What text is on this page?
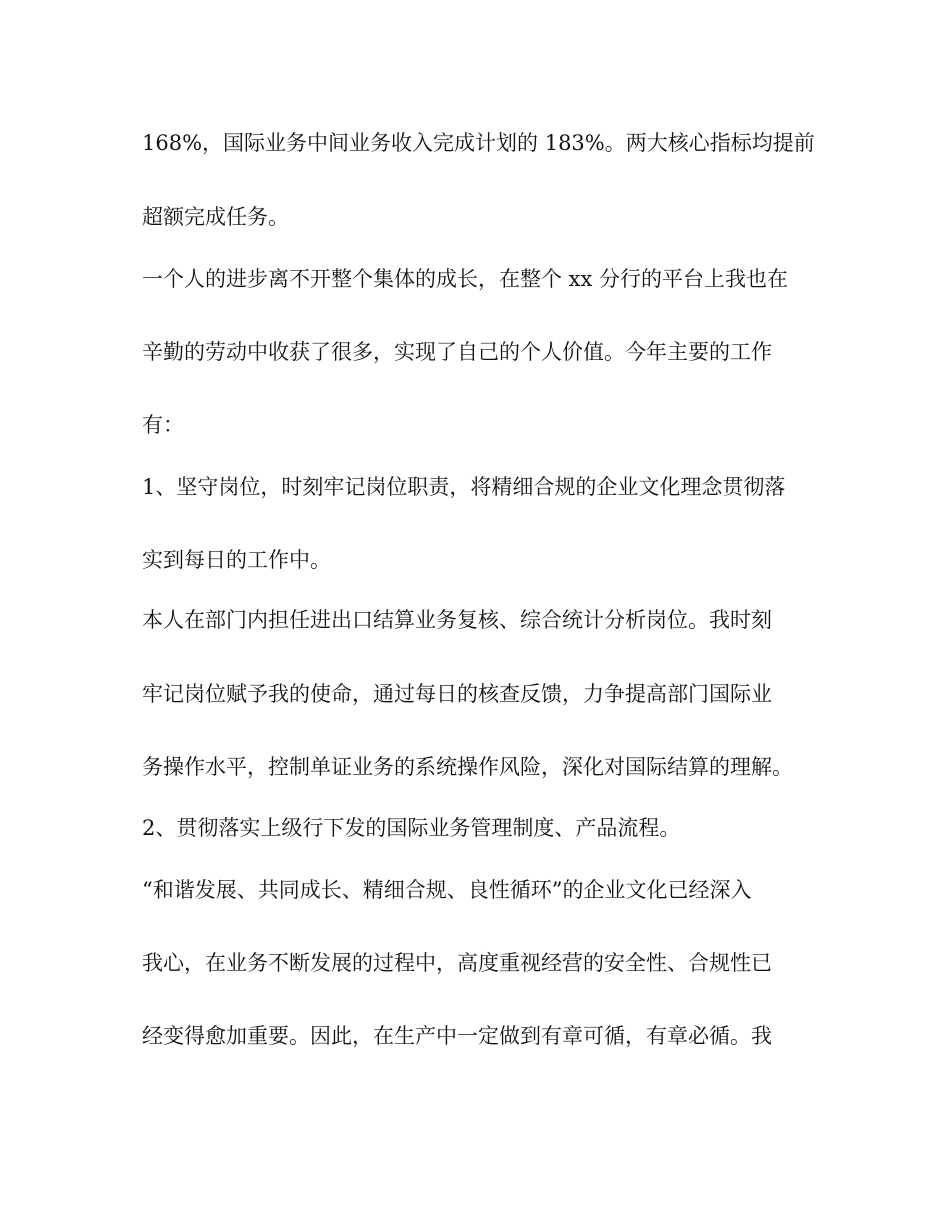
168%，国际业务中间业务收入完成计划的 183%。两大核心指标均提前
超额完成任务。
一个人的进步离不开整个集体的成长，在整个 xx 分行的平台上我也在
辛勤的劳动中收获了很多，实现了自己的个人价值。今年主要的工作
有：
1、坚守岗位，时刻牢记岗位职责，将精细合规的企业文化理念贯彻落
实到每日的工作中。
本人在部门内担任进出口结算业务复核、综合统计分析岗位。我时刻
牢记岗位赋予我的使命，通过每日的核查反馈，力争提高部门国际业
务操作水平，控制单证业务的系统操作风险，深化对国际结算的理解。
2、贯彻落实上级行下发的国际业务管理制度、产品流程。
“和谐发展、共同成长、精细合规、良性循环”的企业文化已经深入
我心，在业务不断发展的过程中，高度重视经营的安全性、合规性已
经变得愈加重要。因此，在生产中一定做到有章可循，有章必循。我
